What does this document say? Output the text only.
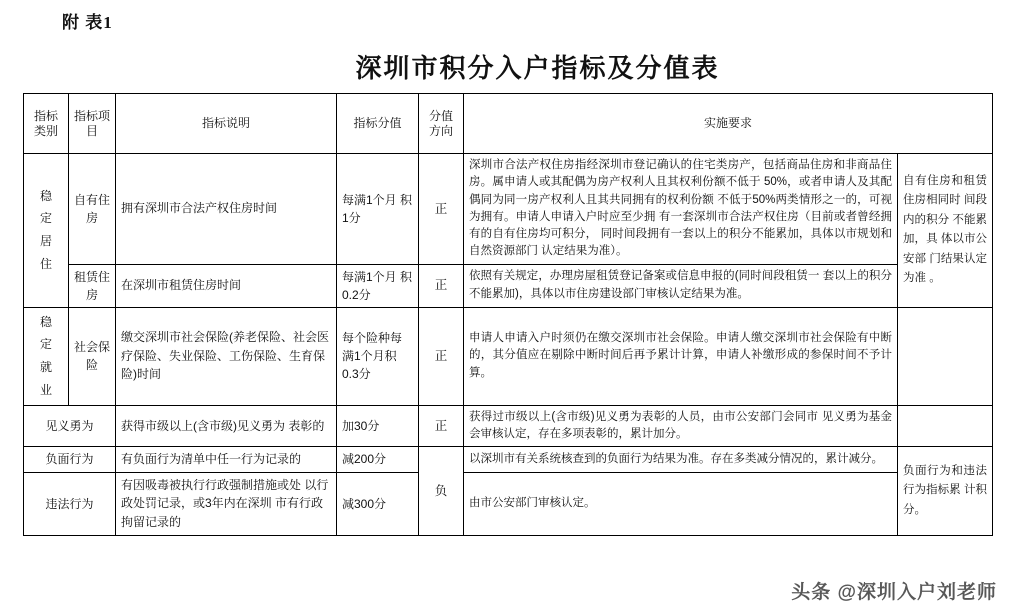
附 表1
深圳市积分入户指标及分值表
指标类别	指标项目	指标说明	指标分值	分值方向	实施要求	
稳定居住	自有住房	拥有深圳市合法产权住房时间	每满1个月 积1分	正	深圳市合法产权住房指经深圳市登记确认的住宅类房产，包括商品住房和非商品住房。属申请人或其配偶为房产权利人且其权利份额不低于 50%，或者申请人及其配偶同为同一房产权利人且其共同拥有的权利份额 不低于50%两类情形之一的，可视为拥有。申请人申请入户时应至少拥 有一套深圳市合法产权住房（目前或者曾经拥有的自有住房均可积分， 同时间段拥有一套以上的积分不能累加，具体以市规划和自然资源部门 认定结果为准）。	自有住房和租赁住房相同时 间段内的积分 不能累加，具 体以市公安部 门结果认定为准 。
	租赁住房	在深圳市租赁住房时间	每满1个月 积0.2分	正	依照有关规定，办理房屋租赁登记备案或信息申报的(同时间段租赁一 套以上的积分不能累加)，具体以市住房建设部门审核认定结果为准。	
稳定就业	社会保险	缴交深圳市社会保险(养老保险、社会医疗保险、失业保险、工伤保险、生育保险)时间	每个险种每满1个月积0.3分	正	申请人申请入户时须仍在缴交深圳市社会保险。申请人缴交深圳市社会保险有中断的，其分值应在剔除中断时间后再予累计计算，申请人补缴形成的参保时间不予计算。	
见义勇为		获得市级以上(含市级)见义勇为 表彰的	加30分	正	获得过市级以上(含市级)见义勇为表彰的人员，由市公安部门会同市 见义勇为基金会审核认定，存在多项表彰的，累计加分。	
负面行为		有负面行为清单中任一行为记录的	减200分	负	以深圳市有关系统核查到的负面行为结果为准。存在多类减分情况的，累计减分。	负面行为和违法行为指标累 计积分。
违法行为		有因吸毒被执行行政强制措施或处 以行政处罚记录，或3年内在深圳 市有行政拘留记录的	减300分		由市公安部门审核认定。	
头条 @深圳入户刘老师
